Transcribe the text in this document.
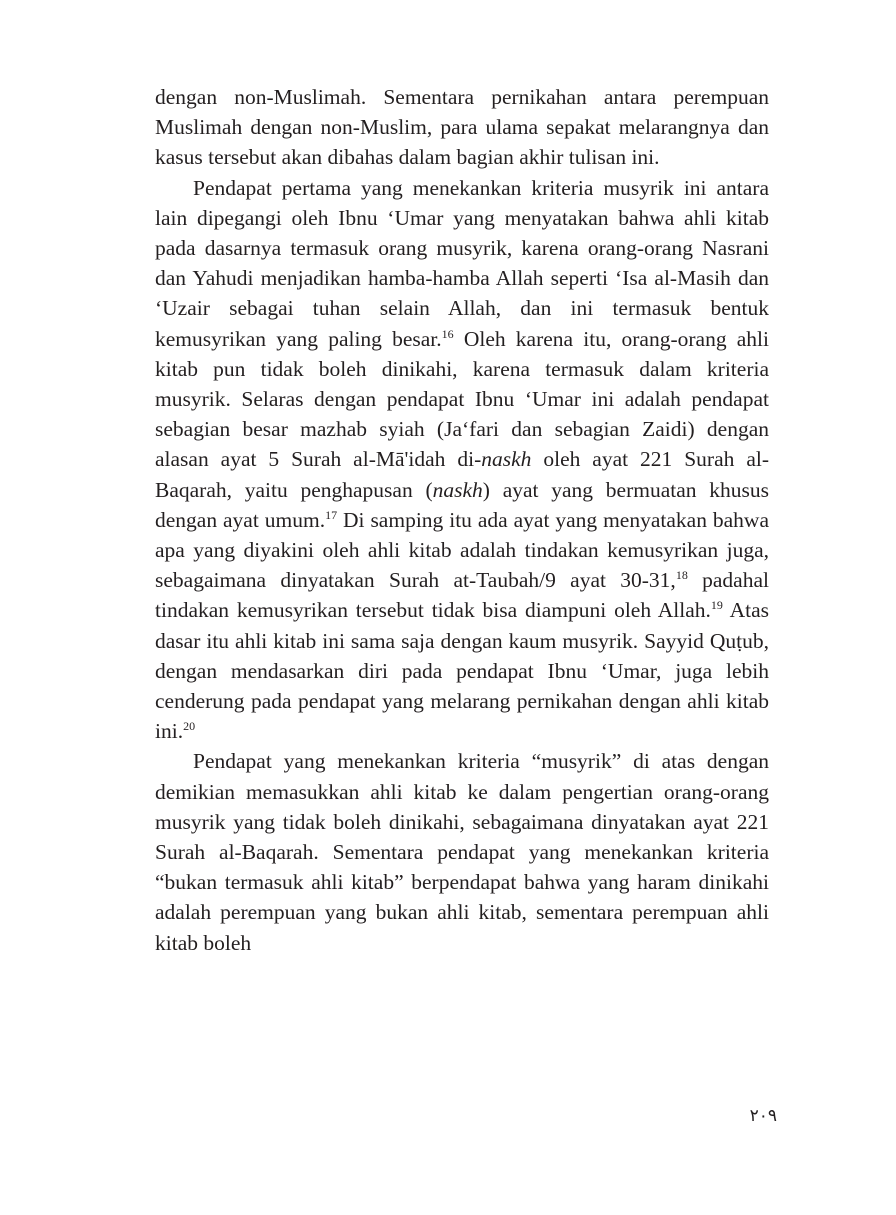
dengan non-Muslimah. Sementara pernikahan antara perempuan Muslimah dengan non-Muslim, para ulama sepakat melarangnya dan kasus tersebut akan dibahas dalam bagian akhir tulisan ini.

Pendapat pertama yang menekankan kriteria musyrik ini antara lain dipegangi oleh Ibnu ‘Umar yang menyatakan bahwa ahli kitab pada dasarnya termasuk orang musyrik, karena orang-orang Nasrani dan Yahudi menjadikan hamba-hamba Allah seperti ‘Isa al-Masih dan ‘Uzair sebagai tuhan selain Allah, dan ini termasuk bentuk kemusyrikan yang paling besar.$^{16}$ Oleh karena itu, orang-orang ahli kitab pun tidak boleh dinikahi, karena termasuk dalam kriteria musyrik. Selaras dengan pendapat Ibnu ‘Umar ini adalah pendapat sebagian besar mazhab syiah (Ja‘fari dan sebagian Zaidi) dengan alasan ayat 5 Surah al-Mā'idah di-naskh oleh ayat 221 Surah al-Baqarah, yaitu penghapusan (naskh) ayat yang bermuatan khusus dengan ayat umum.$^{17}$ Di samping itu ada ayat yang menyatakan bahwa apa yang diyakini oleh ahli kitab adalah tindakan kemusyrikan juga, sebagaimana dinyatakan Surah at-Taubah/9 ayat 30-31,18 padahal tindakan kemusyrikan tersebut tidak bisa diampuni oleh Allah.$^{19}$ Atas dasar itu ahli kitab ini sama saja dengan kaum musyrik. Sayyid Quṭub, dengan mendasarkan diri pada pendapat Ibnu ‘Umar, juga lebih cenderung pada pendapat yang melarang pernikahan dengan ahli kitab ini.$^{20}$

Pendapat yang menekankan kriteria “musyrik” di atas dengan demikian memasukkan ahli kitab ke dalam pengertian orang-orang musyrik yang tidak boleh dinikahi, sebagaimana dinyatakan ayat 221 Surah al-Baqarah. Sementara pendapat yang menekankan kriteria “bukan termasuk ahli kitab” berpendapat bahwa yang haram dinikahi adalah perempuan yang bukan ahli kitab, sementara perempuan ahli kitab boleh

٢٠٩
